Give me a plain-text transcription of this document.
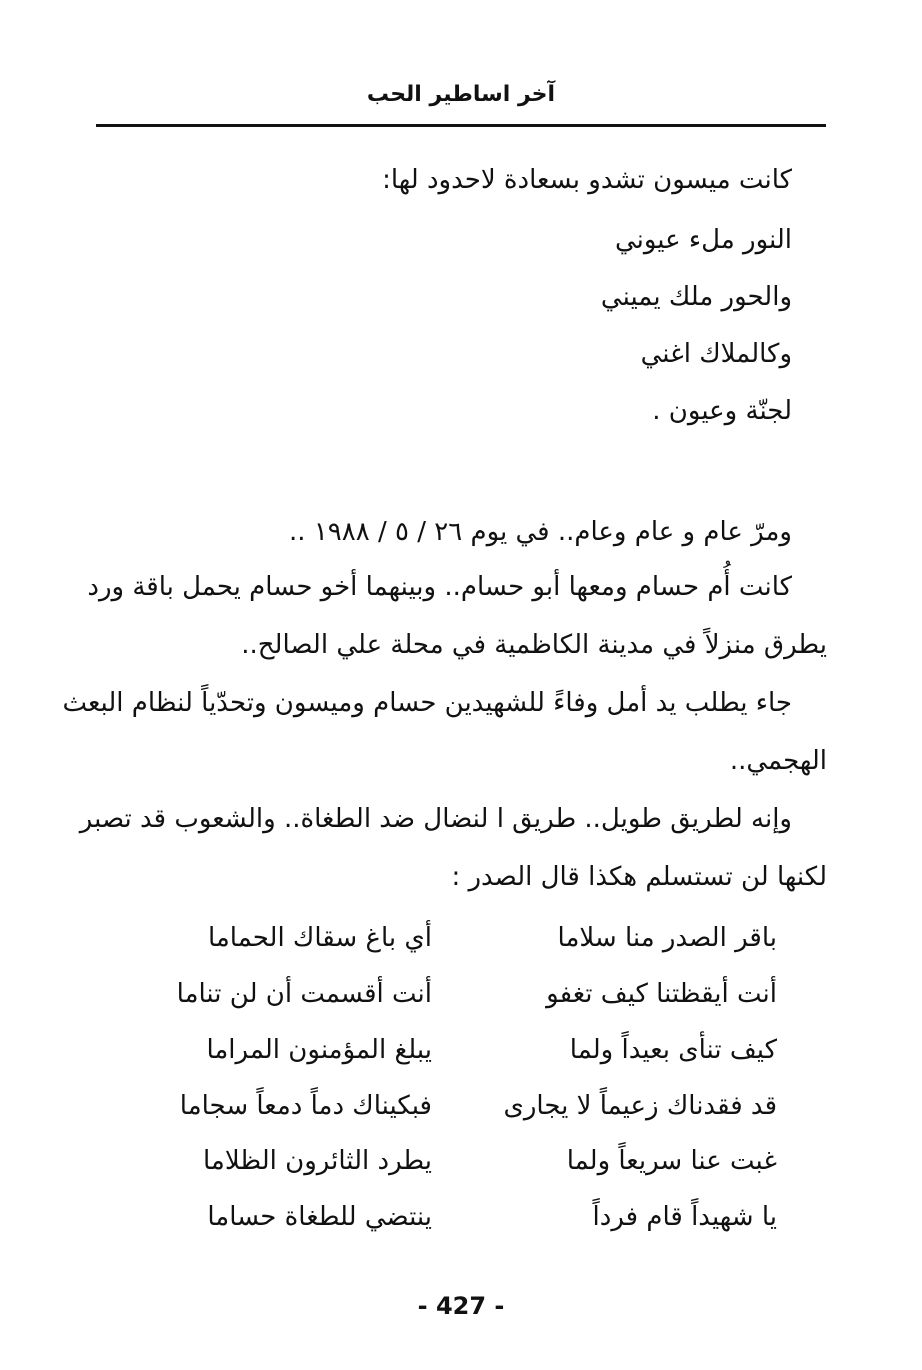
آخر اساطير الحب
كانت ميسون تشدو بسعادة لاحدود لها:
النور ملء عيوني
والحور ملك يميني
وكالملاك اغني
لجنّة وعيون .
ومرّ عام و عام وعام.. في يوم ٢٦ / ٥ / ١٩٨٨ ..
كانت أُم حسام ومعها أبو حسام.. وبينهما أخو حسام يحمل باقة ورد
يطرق منزلاً في مدينة الكاظمية في محلة علي الصالح..
جاء يطلب يد أمل وفاءً للشهيدين حسام وميسون وتحدّياً لنظام البعث
الهجمي..
وإنه لطريق طويل.. طريق ا لنضال ضد الطغاة.. والشعوب قد تصبر
لكنها لن تستسلم هكذا قال الصدر :
باقر الصدر منا سلاما
أي باغ سقاك الحماما
أنت أيقظتنا كيف تغفو
أنت أقسمت أن لن تناما
كيف تنأى بعيداً ولما
يبلغ المؤمنون المراما
قد فقدناك زعيماً لا يجارى
فبكيناك دماً دمعاً سجاما
غبت عنا سريعاً ولما
يطرد الثائرون الظلاما
يا شهيداً قام فرداً
ينتضي للطغاة حساما
- 427 -
